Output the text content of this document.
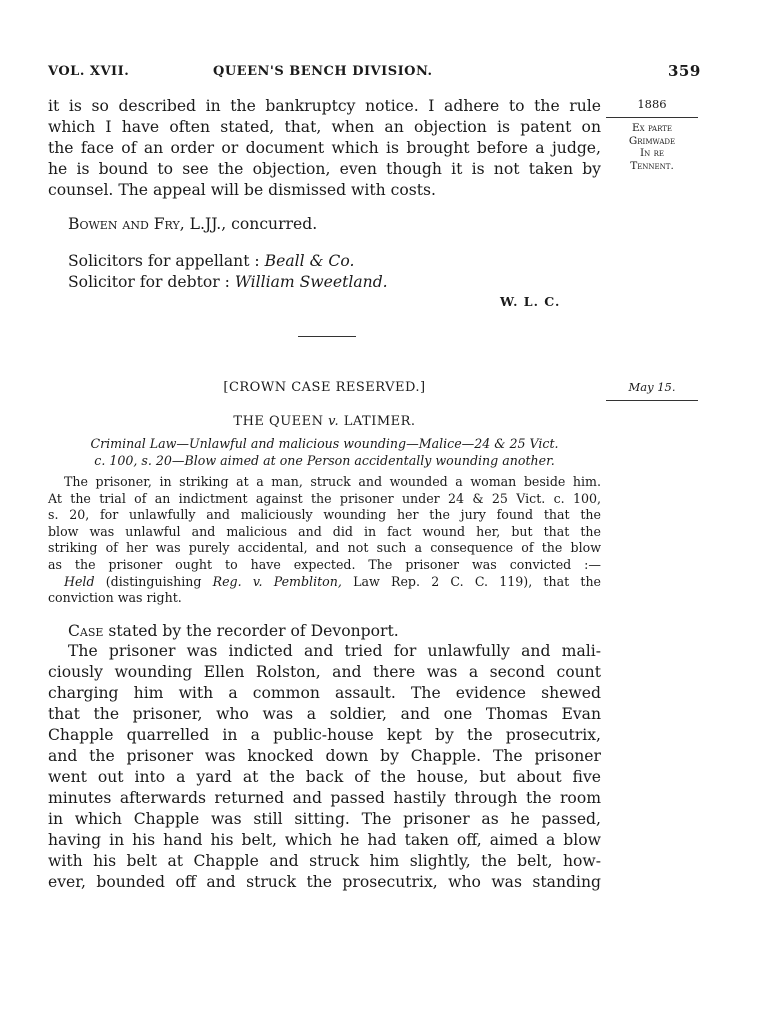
VOL. XVII.	QUEEN'S BENCH DIVISION.	359
1886
Ex parte
Grimwade
In re
Tennent.
it is so described in the bankruptcy notice. I adhere to the rule
which I have often stated, that, when an objection is patent on
the face of an order or document which is brought before a judge,
he is bound to see the objection, even though it is not taken by
counsel. The appeal will be dismissed with costs.
Bowen and Fry, L.JJ., concurred.
Solicitors for appellant : Beall & Co.
Solicitor for debtor : William Sweetland.
W. L. C.
[CROWN CASE RESERVED.]	May 15.
THE QUEEN v. LATIMER.
Criminal Law—Unlawful and malicious wounding—Malice—24 & 25 Vict.
c. 100, s. 20—Blow aimed at one Person accidentally wounding another.
The prisoner, in striking at a man, struck and wounded a woman beside him.
At the trial of an indictment against the prisoner under 24 & 25 Vict. c. 100,
s. 20, for unlawfully and maliciously wounding her the jury found that the
blow was unlawful and malicious and did in fact wound her, but that the
striking of her was purely accidental, and not such a consequence of the blow
as the prisoner ought to have expected. The prisoner was convicted :—
Held (distinguishing Reg. v. Pembliton, Law Rep. 2 C. C. 119), that the
conviction was right.
Case stated by the recorder of Devonport.
The prisoner was indicted and tried for unlawfully and mali-
ciously wounding Ellen Rolston, and there was a second count
charging him with a common assault. The evidence shewed
that the prisoner, who was a soldier, and one Thomas Evan
Chapple quarrelled in a public-house kept by the prosecutrix,
and the prisoner was knocked down by Chapple. The prisoner
went out into a yard at the back of the house, but about five
minutes afterwards returned and passed hastily through the room
in which Chapple was still sitting. The prisoner as he passed,
having in his hand his belt, which he had taken off, aimed a blow
with his belt at Chapple and struck him slightly, the belt, how-
ever, bounded off and struck the prosecutrix, who was standing
